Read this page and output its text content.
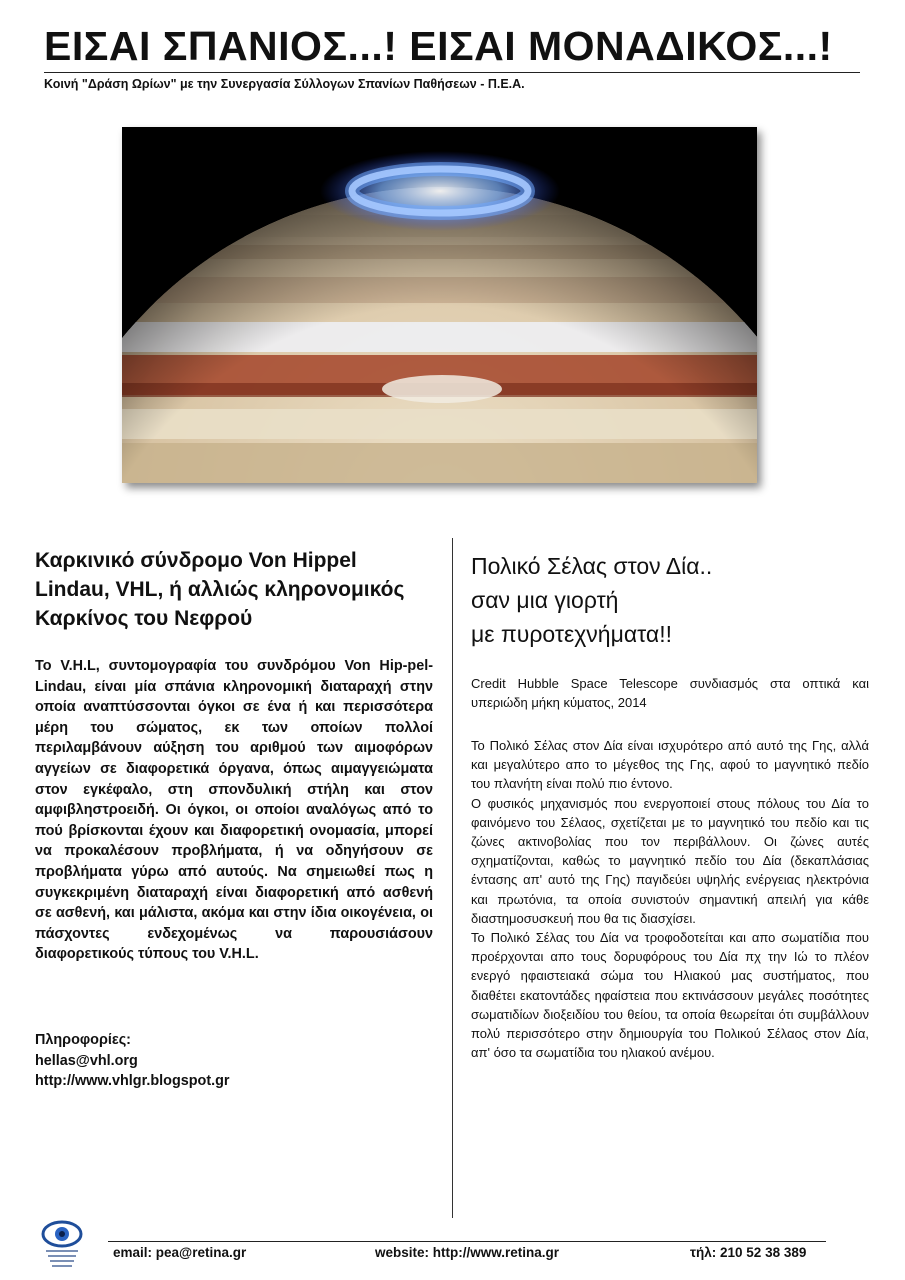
ΕΙΣΑΙ ΣΠΑΝΙΟΣ...! ΕΙΣΑΙ ΜΟΝΑΔΙΚΟΣ...!
Κοινή "Δράση Ωρίων" με την Συνεργασία Σύλλογων Σπανίων Παθήσεων - Π.Ε.Α.
Καρκινικό σύνδρομο Von Hippel
Lindau, VHL, ή αλλιώς κληρονομικός
Καρκίνος του Νεφρού

Το V.H.L, συντομογραφία του συνδρόμου Von Hip-pel-Lindau, είναι μία σπάνια κληρονομική διαταραχή στην οποία αναπτύσσονται όγκοι σε ένα ή και περισσότερα μέρη του σώματος, εκ των οποίων πολλοί περιλαμβάνουν αύξηση του αριθμού των αιμοφόρων αγγείων σε διαφορετικά όργανα, όπως αιμαγγειώματα στον εγκέφαλο, στη σπονδυλική στήλη και στον αμφιβληστροειδή. Οι όγκοι, οι οποίοι αναλόγως από το πού βρίσκονται έχουν και διαφορετική ονομασία, μπορεί να προκαλέσουν προβλήματα, ή να οδηγήσουν σε προβλήματα γύρω από αυτούς. Να σημειωθεί πως η συγκεκριμένη διαταραχή είναι διαφορετική από ασθενή σε ασθενή, και μάλιστα, ακόμα και στην ίδια οικογένεια, οι πάσχοντες ενδεχομένως να παρουσιάσουν διαφορετικούς τύπους του V.H.L.

Πληροφορίες:
hellas@vhl.org
http://www.vhlgr.blogspot.gr
Πολικό Σέλας στον Δία..
σαν μια γιορτή
με πυροτεχνήματα!!
Credit Hubble Space Telescope συνδιασμός στα οπτικά και υπεριώδη μήκη κύματος, 2014

Το Πολικό Σέλας στον Δία είναι ισχυρότερο από αυτό της Γης, αλλά και μεγαλύτερο απο το μέγεθος της Γης, αφού το μαγνητικό πεδίο του πλανήτη είναι πολύ πιο έντονο.

Ο φυσικός μηχανισμός που ενεργοποιεί στους πόλους του Δία το φαινόμενο του Σέλαος, σχετίζεται με το μαγνητικό του πεδίο και τις ζώνες ακτινοβολίας που τον περιβάλλουν. Οι ζώνες αυτές σχηματίζονται, καθώς το μαγνητικό πεδίο του Δία (δεκαπλάσιας έντασης απ' αυτό της Γης) παγιδεύει υψηλής ενέργειας ηλεκτρόνια και πρωτόνια, τα οποία συνιστούν σημαντική απειλή για κάθε διαστημοσυσκευή που θα τις διασχίσει.

Το Πολικό Σέλας του Δία να τροφοδοτείται και απο σωματίδια που προέρχονται απο τους δορυφόρους του Δία πχ την Ιώ το πλέον ενεργό ηφαιστειακά σώμα του Ηλιακού μας συστήματος, που διαθέτει εκατοντάδες ηφαίστεια που εκτινάσσουν μεγάλες ποσότητες σωματιδίων διοξειδίου του θείου, τα οποία θεωρείται ότι συμβάλλουν πολύ περισσότερο στην δημιουργία του Πολικού Σέλαος στον Δία, απ' όσο τα σωματίδια του ηλιακού ανέμου.

email: pea@retina.gr	website: http://www.retina.gr	τήλ: 210 52 38 389
